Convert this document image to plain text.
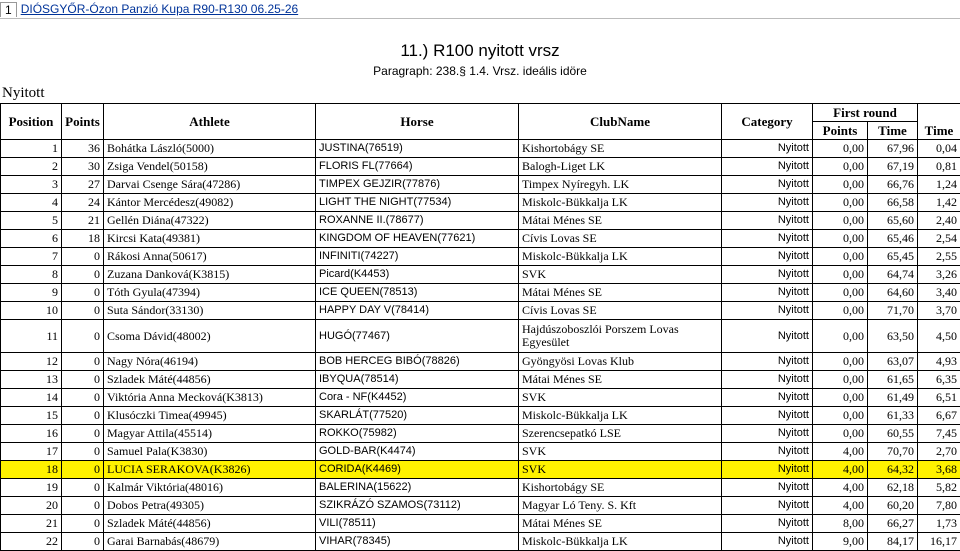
1 DIÓSGYŐR-Ózon Panzió Kupa R90-R130 06.25-26
11.) R100 nyitott vrsz
Paragraph: 238.§ 1.4. Vrsz. ideális idöre
Nyitott
Position	Points	Athlete	Horse	ClubName	Category	First round		
						Points	Time	Time
1	36	Bohátka László(5000)	JUSTINA(76519)	Kishortobágy SE	Nyitott	0,00	67,96	0,04
2	30	Zsiga Vendel(50158)	FLORIS FL(77664)	Balogh-Liget LK	Nyitott	0,00	67,19	0,81
3	27	Darvai Csenge Sára(47286)	TIMPEX GEJZIR(77876)	Timpex Nyíregyh. LK	Nyitott	0,00	66,76	1,24
4	24	Kántor Mercédesz(49082)	LIGHT THE NIGHT(77534)	Miskolc-Bükkalja LK	Nyitott	0,00	66,58	1,42
5	21	Gellén Diána(47322)	ROXANNE II.(78677)	Mátai Ménes SE	Nyitott	0,00	65,60	2,40
6	18	Kircsi Kata(49381)	KINGDOM OF HEAVEN(77621)	Cívis Lovas SE	Nyitott	0,00	65,46	2,54
7	0	Rákosi Anna(50617)	INFINITI(74227)	Miskolc-Bükkalja LK	Nyitott	0,00	65,45	2,55
8	0	Zuzana Danková(K3815)	Picard(K4453)	SVK	Nyitott	0,00	64,74	3,26
9	0	Tóth Gyula(47394)	ICE QUEEN(78513)	Mátai Ménes SE	Nyitott	0,00	64,60	3,40
10	0	Suta Sándor(33130)	HAPPY DAY V(78414)	Cívis Lovas SE	Nyitott	0,00	71,70	3,70
11	0	Csoma Dávid(48002)	HUGÓ(77467)	Hajdúszoboszlói Porszem Lovas Egyesület	Nyitott	0,00	63,50	4,50
12	0	Nagy Nóra(46194)	BOB HERCEG BIBÓ(78826)	Gyöngyösi Lovas Klub	Nyitott	0,00	63,07	4,93
13	0	Szladek Máté(44856)	IBYQUA(78514)	Mátai Ménes SE	Nyitott	0,00	61,65	6,35
14	0	Viktória Anna Mecková(K3813)	Cora - NF(K4452)	SVK	Nyitott	0,00	61,49	6,51
15	0	Klusóczki Timea(49945)	SKARLÁT(77520)	Miskolc-Bükkalja LK	Nyitott	0,00	61,33	6,67
16	0	Magyar Attila(45514)	ROKKO(75982)	Szerencsepatkó LSE	Nyitott	0,00	60,55	7,45
17	0	Samuel Pala(K3830)	GOLD-BAR(K4474)	SVK	Nyitott	4,00	70,70	2,70
18	0	LUCIA SERAKOVA(K3826)	CORIDA(K4469)	SVK	Nyitott	4,00	64,32	3,68
19	0	Kalmár Viktória(48016)	BALERINA(15622)	Kishortobágy SE	Nyitott	4,00	62,18	5,82
20	0	Dobos Petra(49305)	SZIKRÁZÓ SZAMOS(73112)	Magyar Ló Teny. S. Kft	Nyitott	4,00	60,20	7,80
21	0	Szladek Máté(44856)	VILI(78511)	Mátai Ménes SE	Nyitott	8,00	66,27	1,73
22	0	Garai Barnabás(48679)	VIHAR(78345)	Miskolc-Bükkalja LK	Nyitott	9,00	84,17	16,17
